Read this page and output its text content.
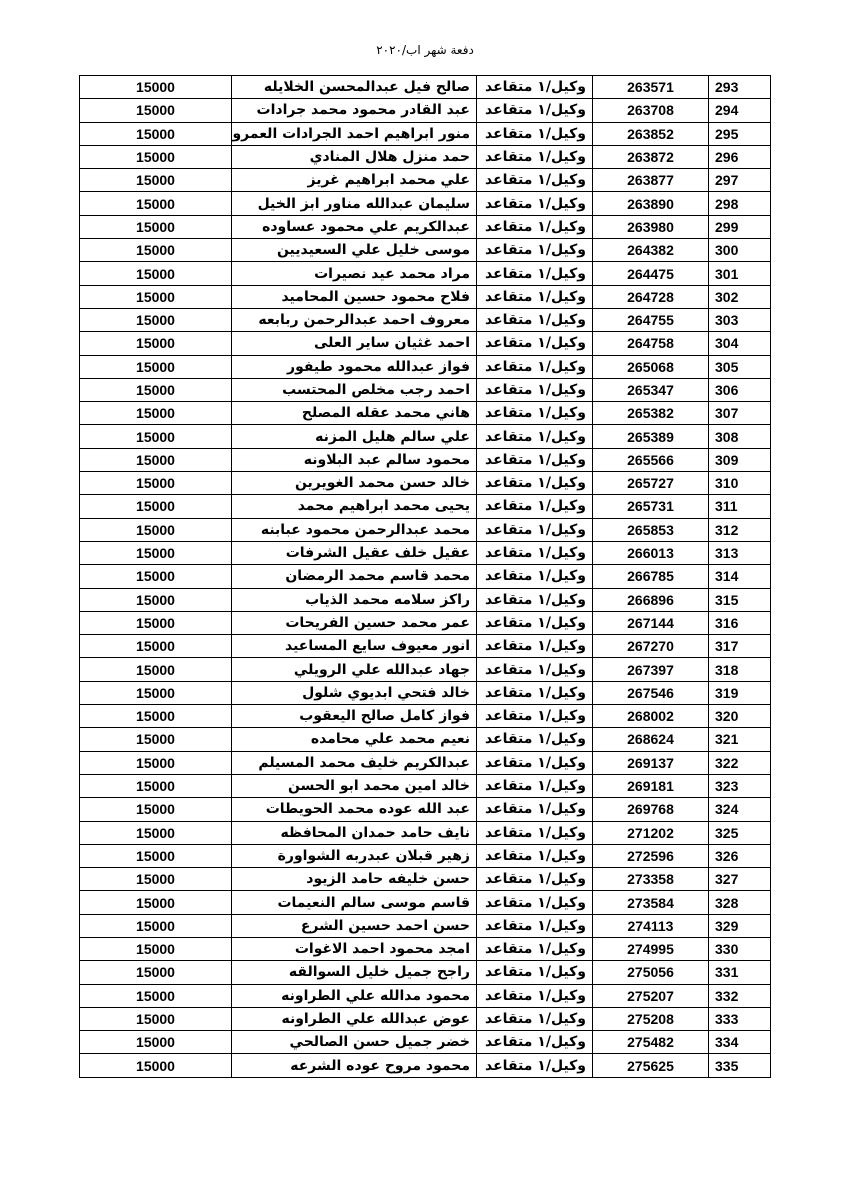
دفعة شهر اب/٢٠٢٠
293	263571	وكيل/١ متقاعد	صالح فيل عبدالمحسن الخلايله	15000
294	263708	وكيل/١ متقاعد	عبد القادر محمود محمد جرادات	15000
295	263852	وكيل/١ متقاعد	منور ابراهيم احمد الجرادات العمرو	15000
296	263872	وكيل/١ متقاعد	حمد منزل هلال المنادي	15000
297	263877	وكيل/١ متقاعد	علي محمد ابراهيم غريز	15000
298	263890	وكيل/١ متقاعد	سليمان عبدالله مناور ابز الخيل	15000
299	263980	وكيل/١ متقاعد	عبدالكريم علي محمود عساوده	15000
300	264382	وكيل/١ متقاعد	موسى خليل علي السعيديين	15000
301	264475	وكيل/١ متقاعد	مراد محمد عيد نصيرات	15000
302	264728	وكيل/١ متقاعد	فلاح محمود حسين المحاميد	15000
303	264755	وكيل/١ متقاعد	معروف احمد عبدالرحمن ربابعه	15000
304	264758	وكيل/١ متقاعد	احمد غثيان ساير العلى	15000
305	265068	وكيل/١ متقاعد	فواز عبدالله محمود طيفور	15000
306	265347	وكيل/١ متقاعد	احمد رجب مخلص المحتسب	15000
307	265382	وكيل/١ متقاعد	هاني محمد عقله المصلح	15000
308	265389	وكيل/١ متقاعد	علي سالم هليل المزنه	15000
309	265566	وكيل/١ متقاعد	محمود سالم عبد البلاونه	15000
310	265727	وكيل/١ متقاعد	خالد حسن محمد الغويرين	15000
311	265731	وكيل/١ متقاعد	يحيى محمد ابراهيم محمد	15000
312	265853	وكيل/١ متقاعد	محمد عبدالرحمن محمود عبابنه	15000
313	266013	وكيل/١ متقاعد	عقيل خلف عقيل الشرفات	15000
314	266785	وكيل/١ متقاعد	محمد قاسم محمد الرمضان	15000
315	266896	وكيل/١ متقاعد	راكز سلامه محمد الذياب	15000
316	267144	وكيل/١ متقاعد	عمر محمد حسين الفريحات	15000
317	267270	وكيل/١ متقاعد	انور معيوف سايع المساعيد	15000
318	267397	وكيل/١ متقاعد	جهاد عبدالله علي الرويلي	15000
319	267546	وكيل/١ متقاعد	خالد فتحي ابديوي شلول	15000
320	268002	وكيل/١ متقاعد	فواز كامل صالح اليعقوب	15000
321	268624	وكيل/١ متقاعد	نعيم محمد علي محامده	15000
322	269137	وكيل/١ متقاعد	عبدالكريم خليف محمد المسيلم	15000
323	269181	وكيل/١ متقاعد	خالد امين محمد ابو الحسن	15000
324	269768	وكيل/١ متقاعد	عبد الله عوده محمد الحويطات	15000
325	271202	وكيل/١ متقاعد	نايف حامد حمدان المحافظه	15000
326	272596	وكيل/١ متقاعد	زهير قبلان عبدربه الشواورة	15000
327	273358	وكيل/١ متقاعد	حسن خليفه حامد الزيود	15000
328	273584	وكيل/١ متقاعد	قاسم موسى سالم النعيمات	15000
329	274113	وكيل/١ متقاعد	حسن احمد حسين الشرع	15000
330	274995	وكيل/١ متقاعد	امجد محمود احمد الاغوات	15000
331	275056	وكيل/١ متقاعد	راجح جميل خليل السوالقه	15000
332	275207	وكيل/١ متقاعد	محمود مدالله علي الطراونه	15000
333	275208	وكيل/١ متقاعد	عوض عبدالله علي الطراونه	15000
334	275482	وكيل/١ متقاعد	خضر جميل حسن الصالحي	15000
335	275625	وكيل/١ متقاعد	محمود مروح عوده الشرعه	15000
